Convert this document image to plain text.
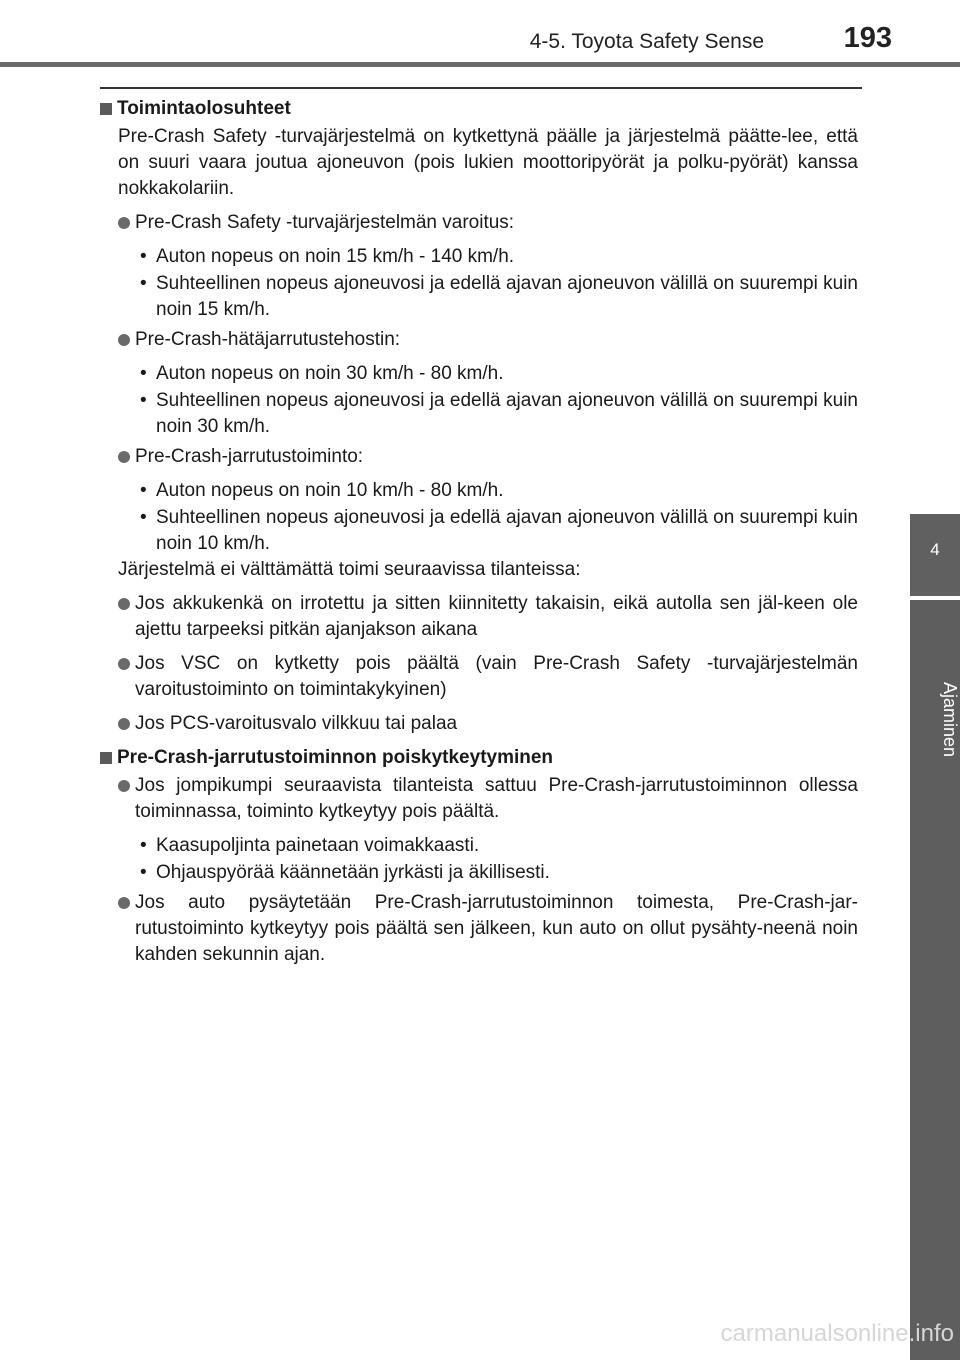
4-5. Toyota Safety Sense	193
4
Ajaminen
Toimintaolosuhteet
Pre-Crash Safety -turvajärjestelmä on kytkettynä päälle ja järjestelmä päätte-lee, että on suuri vaara joutua ajoneuvon (pois lukien moottoripyörät ja polku-pyörät) kanssa nokkakolariin.
Pre-Crash Safety -turvajärjestelmän varoitus:
• Auton nopeus on noin 15 km/h - 140 km/h.
• Suhteellinen nopeus ajoneuvosi ja edellä ajavan ajoneuvon välillä on suurempi kuin noin 15 km/h.
Pre-Crash-hätäjarrutustehostin:
• Auton nopeus on noin 30 km/h - 80 km/h.
• Suhteellinen nopeus ajoneuvosi ja edellä ajavan ajoneuvon välillä on suurempi kuin noin 30 km/h.
Pre-Crash-jarrutustoiminto:
• Auton nopeus on noin 10 km/h - 80 km/h.
• Suhteellinen nopeus ajoneuvosi ja edellä ajavan ajoneuvon välillä on suurempi kuin noin 10 km/h.
Järjestelmä ei välttämättä toimi seuraavissa tilanteissa:
Jos akkukenkä on irrotettu ja sitten kiinnitetty takaisin, eikä autolla sen jäl-keen ole ajettu tarpeeksi pitkän ajanjakson aikana
Jos VSC on kytketty pois päältä (vain Pre-Crash Safety -turvajärjestelmän varoitustoiminto on toimintakykyinen)
Jos PCS-varoitusvalo vilkkuu tai palaa
Pre-Crash-jarrutustoiminnon poiskytkeytyminen
Jos jompikumpi seuraavista tilanteista sattuu Pre-Crash-jarrutustoiminnon ollessa toiminnassa, toiminto kytkeytyy pois päältä.
• Kaasupoljinta painetaan voimakkaasti.
• Ohjauspyörää käännetään jyrkästi ja äkillisesti.
Jos auto pysäytetään Pre-Crash-jarrutustoiminnon toimesta, Pre-Crash-jar-rutustoiminto kytkeytyy pois päältä sen jälkeen, kun auto on ollut pysähty-neenä noin kahden sekunnin ajan.
carmanualsonline.info
